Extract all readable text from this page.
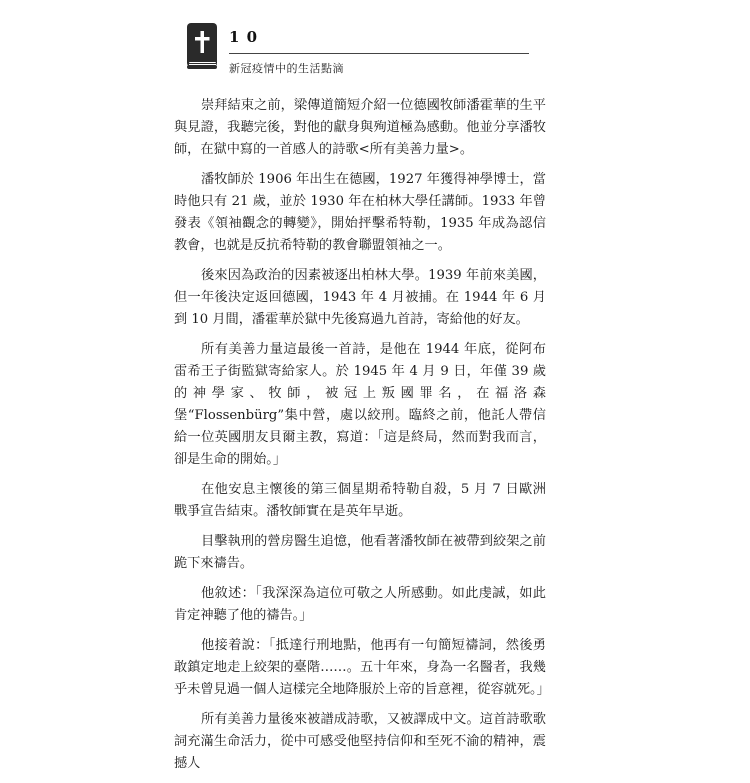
1 0
新冠疫情中的生活點滴

崇拜結束之前，梁傳道簡短介紹一位德國牧師潘霍華的生平與見證，我聽完後，對他的獻身與殉道極為感動。他並分享潘牧師，在獄中寫的一首感人的詩歌<所有美善力量>。

潘牧師於 1906 年出生在德國，1927 年獲得神學博士，當時他只有 21 歲，並於 1930 年在柏林大學任講師。1933 年曾發表《領袖觀念的轉變》，開始抨擊希特勒，1935 年成為認信教會，也就是反抗希特勒的教會聯盟領袖之一。

後來因為政治的因素被逐出柏林大學。1939 年前來美國，但一年後決定返回德國，1943 年 4 月被捕。在 1944 年 6 月到 10 月間，潘霍華於獄中先後寫過九首詩，寄給他的好友。

所有美善力量這最後一首詩，是他在 1944 年底，從阿布雷希王子街監獄寄給家人。於 1945 年 4 月 9 日，年僅 39 歲的神學家、牧師，被冠上叛國罪名，在福洛森堡“Flossenbürg”集中營，處以絞刑。臨終之前，他託人帶信給一位英國朋友貝爾主教，寫道：「這是終局，然而對我而言，卻是生命的開始。」

在他安息主懷後的第三個星期希特勒自殺，5 月 7 日歐洲戰爭宣告結束。潘牧師實在是英年早逝。

目擊執刑的營房醫生追憶，他看著潘牧師在被帶到絞架之前跪下來禱告。

他敘述：「我深深為這位可敬之人所感動。如此虔誠，如此肯定神聽了他的禱告。」

他接着說：「抵達行刑地點，他再有一句簡短禱詞，然後勇敢鎮定地走上絞架的臺階……。五十年來，身為一名醫者，我幾乎未曾見過一個人這樣完全地降服於上帝的旨意裡，從容就死。」

所有美善力量後來被譜成詩歌，又被譯成中文。這首詩歌歌詞充滿生命活力，從中可感受他堅持信仰和至死不渝的精神，震撼人
